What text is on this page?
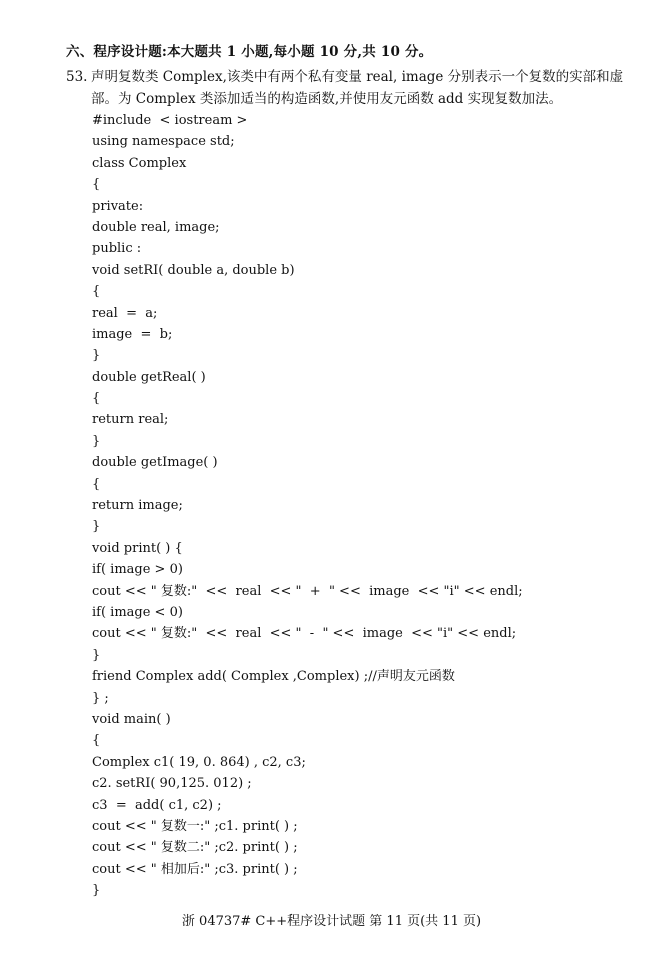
六、程序设计题:本大题共 1 小题,每小题 10 分,共 10 分。
53. 声明复数类 Complex,该类中有两个私有变量 real, image 分别表示一个复数的实部和虚部。为 Complex 类添加适当的构造函数,并使用友元函数 add 实现复数加法。
#include  < iostream >
using namespace std;
class Complex
{
private:
double real, image;
public :
void setRI( double a, double b)
{
real  =  a;
image  =  b;
}
double getReal( )
{
return real;
}
double getImage( )
{
return image;
}
void print( ) {
if( image > 0)
cout << " 复数:"  <<  real  << "  +  " <<  image  << "i" << endl;
if( image < 0)
cout << " 复数:"  <<  real  << "  -  " <<  image  << "i" << endl;
}
friend Complex add( Complex ,Complex) ;//声明友元函数
} ;
void main( )
{
Complex c1( 19, 0. 864) , c2, c3;
c2. setRI( 90,125. 012) ;
c3  =  add( c1, c2) ;
cout << " 复数一:" ;c1. print( ) ;
cout << " 复数二:" ;c2. print( ) ;
cout << " 相加后:" ;c3. print( ) ;
}
浙 04737# C++程序设计试题 第 11 页(共 11 页)
